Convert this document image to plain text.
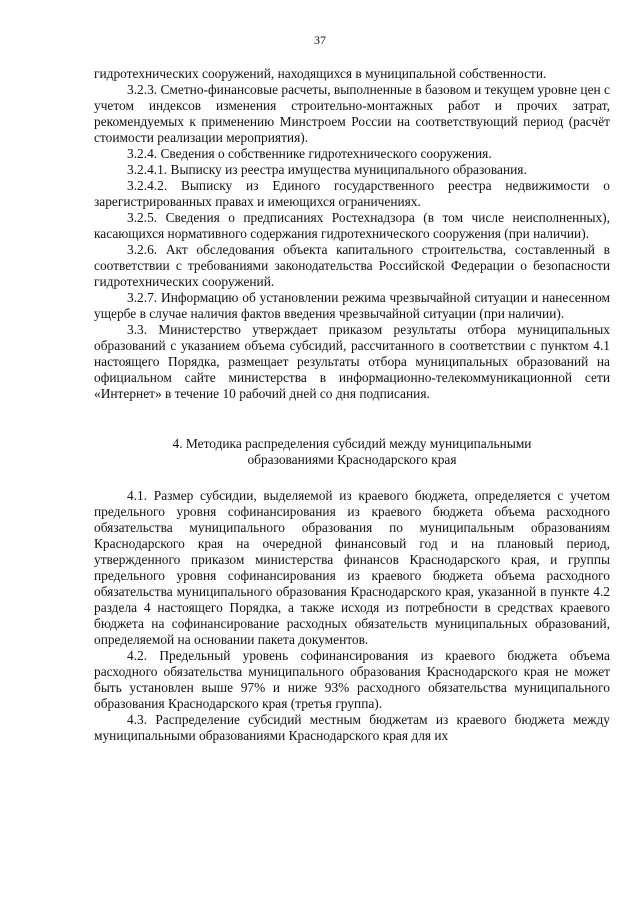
37

гидротехнических сооружений, находящихся в муниципальной собственности.

3.2.3. Сметно-финансовые расчеты, выполненные в базовом и текущем уровне цен с учетом индексов изменения строительно-монтажных работ и прочих затрат, рекомендуемых к применению Минстроем России на соответствующий период (расчёт стоимости реализации мероприятия).

3.2.4. Сведения о собственнике гидротехнического сооружения.

3.2.4.1. Выписку из реестра имущества муниципального образования.

3.2.4.2. Выписку из Единого государственного реестра недвижимости о зарегистрированных правах и имеющихся ограничениях.

3.2.5. Сведения о предписаниях Ростехнадзора (в том числе неисполненных), касающихся нормативного содержания гидротехнического сооружения (при наличии).

3.2.6. Акт обследования объекта капитального строительства, составленный в соответствии с требованиями законодательства Российской Федерации о безопасности гидротехнических сооружений.

3.2.7. Информацию об установлении режима чрезвычайной ситуации и нанесенном ущербе в случае наличия фактов введения чрезвычайной ситуации (при наличии).

3.3. Министерство утверждает приказом результаты отбора муниципальных образований с указанием объема субсидий, рассчитанного в соответствии с пунктом 4.1 настоящего Порядка, размещает результаты отбора муниципальных образований на официальном сайте министерства в информационно-телекоммуникационной сети «Интернет» в течение 10 рабочий дней со дня подписания.

4. Методика распределения субсидий между муниципальными
образованиями Краснодарского края

4.1. Размер субсидии, выделяемой из краевого бюджета, определяется с учетом предельного уровня софинансирования из краевого бюджета объема расходного обязательства муниципального образования по муниципальным образованиям Краснодарского края на очередной финансовый год и на плановый период, утвержденного приказом министерства финансов Краснодарского края, и группы предельного уровня софинансирования из краевого бюджета объема расходного обязательства муниципального образования Краснодарского края, указанной в пункте 4.2 раздела 4 настоящего Порядка, а также исходя из потребности в средствах краевого бюджета на софинансирование расходных обязательств муниципальных образований, определяемой на основании пакета документов.

4.2. Предельный уровень софинансирования из краевого бюджета объема расходного обязательства муниципального образования Краснодарского края не может быть установлен выше 97% и ниже 93% расходного обязательства муниципального образования Краснодарского края (третья группа).

4.3. Распределение субсидий местным бюджетам из краевого бюджета между муниципальными образованиями Краснодарского края для их
